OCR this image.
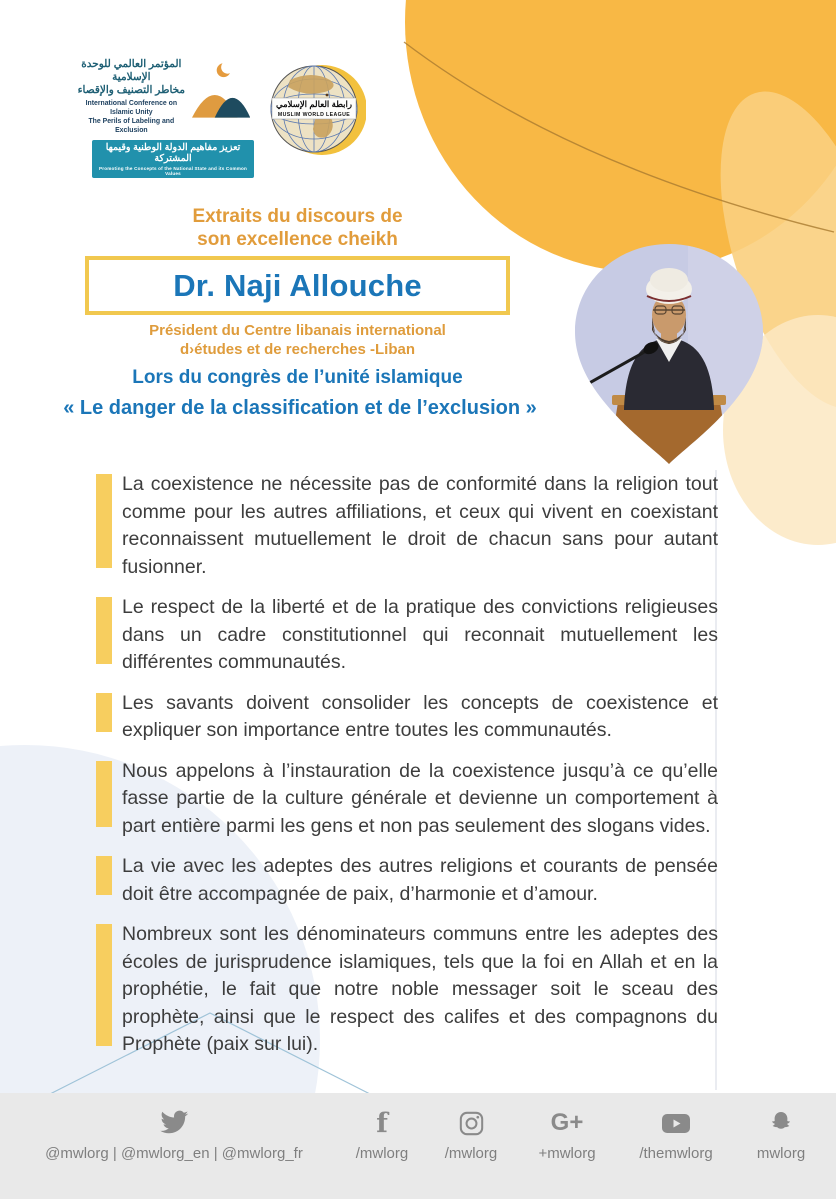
المؤتمر العالمي للوحدة الإسلامية
مخاطر التصنيف والإقصاء
International Conference on Islamic Unity
The Perils of Labeling and Exclusion
تعزيز مفاهيم الدولة الوطنية وقيمها المشتركة
Promoting the Concepts of the National State and its Common Values
رابطة العالم الإسلامي
MUSLIM WORLD LEAGUE
Extraits du discours de
son excellence cheikh
Dr. Naji Allouche
Président du Centre libanais international
d›études et de recherches -Liban
Lors du congrès de l’unité islamique
« Le danger de la classification et de l’exclusion »
La coexistence ne nécessite pas de conformité dans la religion tout comme pour les autres affiliations, et ceux qui vivent en coexistant reconnaissent mutuellement le droit de chacun sans pour autant fusionner.
Le respect de la liberté et de la pratique des convictions religieuses dans un cadre constitutionnel qui reconnait mutuellement les différentes communautés.
Les savants doivent consolider les concepts de coexistence et expliquer son importance entre toutes les communautés.
Nous appelons à l’instauration de la coexistence jusqu’à ce qu’elle fasse partie de la culture générale et devienne un comportement à part entière parmi les gens et non pas seulement des slogans vides.
La vie avec les adeptes des autres religions et courants de pensée doit être accompagnée de paix, d’harmonie et d’amour.
Nombreux sont les dénominateurs communs entre les adeptes des écoles de jurisprudence islamiques, tels que la foi en Allah et en la prophétie, le fait que notre noble messager soit le sceau des prophète, ainsi que le respect des califes et des compagnons du Prophète (paix sur lui).
@mwlorg | @mwlorg_en | @mwlorg_fr
f
/mwlorg /mwlorg
G+
+mwlorg	/themwlorg	mwlorg
